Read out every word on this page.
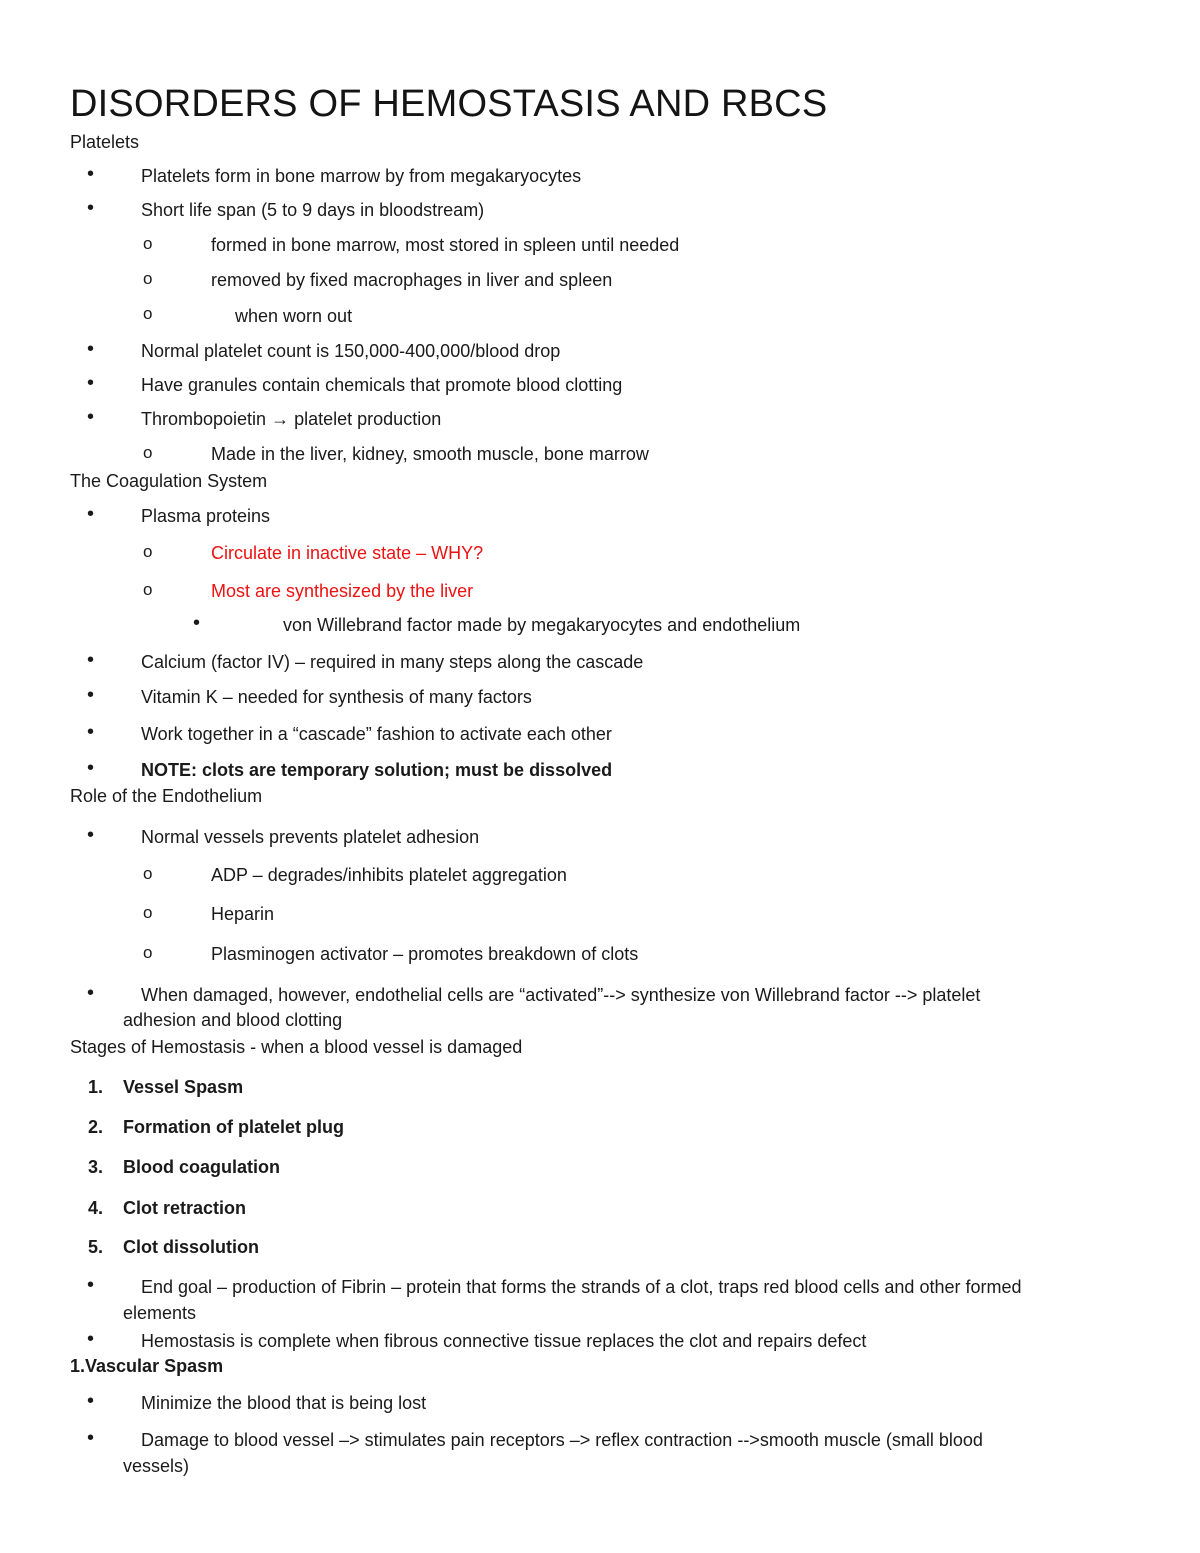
DISORDERS OF HEMOSTASIS AND RBCS
Platelets
•	Platelets form in bone marrow by from megakaryocytes
•	Short life span (5 to 9 days in bloodstream)
o	formed in bone marrow, most stored in spleen until needed
o	removed by fixed macrophages in liver and spleen
o	when worn out
•	Normal platelet count is 150,000-400,000/blood drop
•	Have granules contain chemicals that promote blood clotting
•	Thrombopoietin → platelet production
o	Made in the liver, kidney, smooth muscle, bone marrow
The Coagulation System
•	Plasma proteins
o	Circulate in inactive state – WHY?
o	Most are synthesized by the liver
•	von Willebrand factor made by megakaryocytes and endothelium
•	Calcium (factor IV) – required in many steps along the cascade
•	Vitamin K – needed for synthesis of many factors
•	Work together in a “cascade” fashion to activate each other
•	NOTE: clots are temporary solution; must be dissolved
Role of the Endothelium
•	Normal vessels prevents platelet adhesion
o	ADP – degrades/inhibits platelet aggregation
o	Heparin
o	Plasminogen activator – promotes breakdown of clots
•	When damaged, however, endothelial cells are “activated”--> synthesize von Willebrand factor --> platelet
adhesion and blood clotting
Stages of Hemostasis - when a blood vessel is damaged
1. Vessel Spasm
2. Formation of platelet plug
3. Blood coagulation
4. Clot retraction
5. Clot dissolution
•	End goal – production of Fibrin – protein that forms the strands of a clot, traps red blood cells and other formed
elements
•	Hemostasis is complete when fibrous connective tissue replaces the clot and repairs defect
1.Vascular Spasm
•	Minimize the blood that is being lost
•	Damage to blood vessel –> stimulates pain receptors –> reflex contraction -->smooth muscle (small blood
vessels)
